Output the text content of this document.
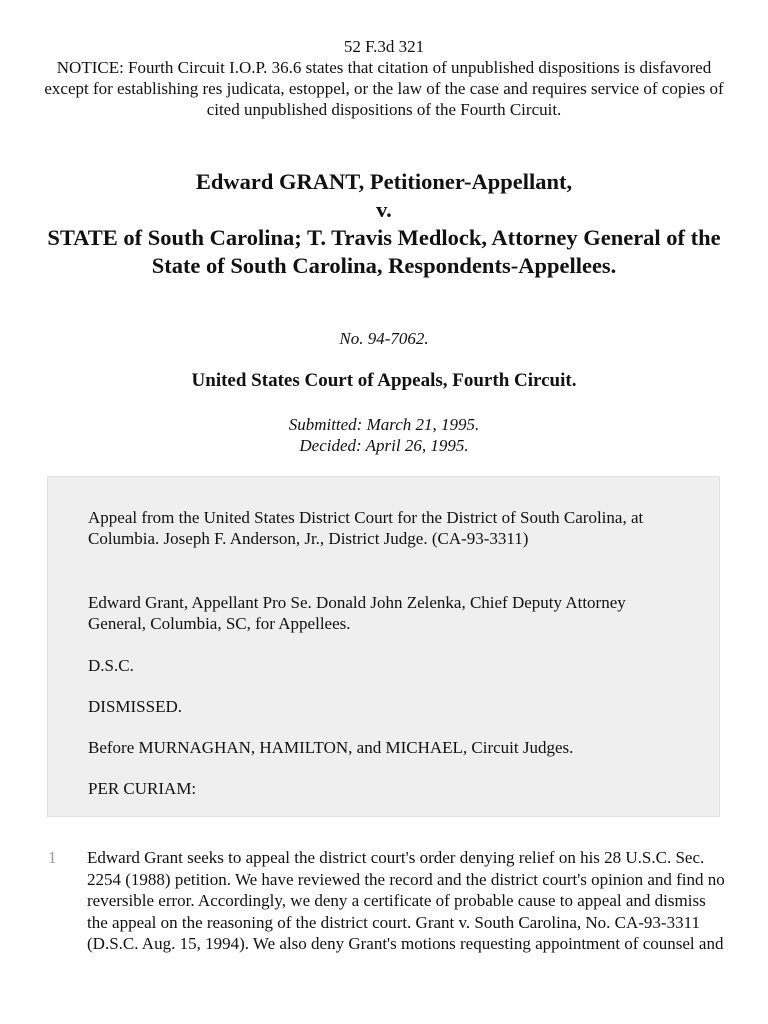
52 F.3d 321
NOTICE: Fourth Circuit I.O.P. 36.6 states that citation of unpublished dispositions is disfavored except for establishing res judicata, estoppel, or the law of the case and requires service of copies of cited unpublished dispositions of the Fourth Circuit.
Edward GRANT, Petitioner-Appellant,
v.
STATE of South Carolina; T. Travis Medlock, Attorney General of the State of South Carolina, Respondents-Appellees.
No. 94-7062.
United States Court of Appeals, Fourth Circuit.
Submitted: March 21, 1995.
Decided: April 26, 1995.

Appeal from the United States District Court for the District of South Carolina, at Columbia. Joseph F. Anderson, Jr., District Judge. (CA-93-3311)

Edward Grant, Appellant Pro Se. Donald John Zelenka, Chief Deputy Attorney General, Columbia, SC, for Appellees.

D.S.C.

DISMISSED.

Before MURNAGHAN, HAMILTON, and MICHAEL, Circuit Judges.

PER CURIAM:

1 Edward Grant seeks to appeal the district court's order denying relief on his 28 U.S.C. Sec. 2254 (1988) petition. We have reviewed the record and the district court's opinion and find no reversible error. Accordingly, we deny a certificate of probable cause to appeal and dismiss the appeal on the reasoning of the district court. Grant v. South Carolina, No. CA-93-3311 (D.S.C. Aug. 15, 1994). We also deny Grant's motions requesting appointment of counsel and
